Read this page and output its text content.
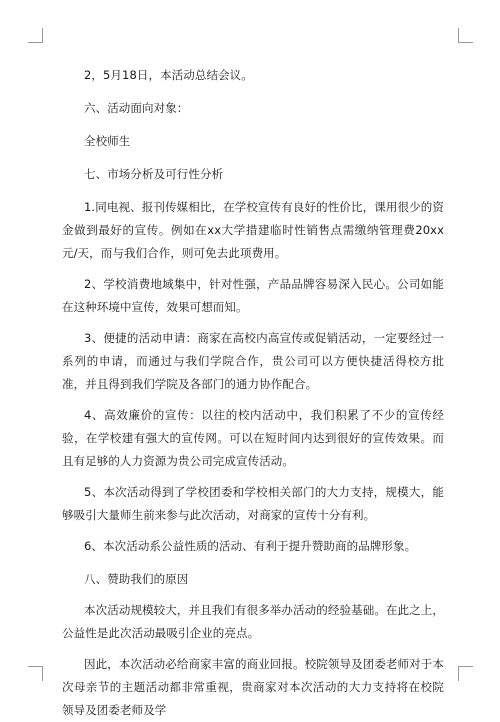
2，5月18日，本活动总结会议。

六、活动面向对象：

全校师生

七、市场分析及可行性分析

1.同电视、报刊传媒相比，在学校宣传有良好的性价比，课用很少的资金做到最好的宣传。例如在xx大学措建临时性销售点需缴纳管理费20xx元/天，而与我们合作，则可免去此项费用。

2、学校消费地域集中，针对性强，产品品牌容易深入民心。公司如能在这种环境中宣传，效果可想而知。

3、便捷的活动申请：商家在高校内高宣传或促销活动，一定要经过一系列的申请，而通过与我们学院合作，贵公司可以方便快捷活得校方批准，并且得到我们学院及各部门的通力协作配合。

4、高效廉价的宣传：以往的校内活动中，我们积累了不少的宣传经验，在学校建有强大的宣传网。可以在短时间内达到很好的宣传效果。而且有足够的人力资源为贵公司完成宣传活动。

5、本次活动得到了学校团委和学校相关部门的大力支持，规模大，能够吸引大量师生前来参与此次活动，对商家的宣传十分有利。

6、本次活动系公益性质的活动、有利于提升赞助商的品牌形象。

八、赞助我们的原因

本次活动规模较大，并且我们有很多举办活动的经验基础。在此之上，公益性是此次活动最吸引企业的亮点。

因此，本次活动必给商家丰富的商业回报。校院领导及团委老师对于本次母亲节的主题活动都非常重视，贵商家对本次活动的大力支持将在校院领导及团委老师及学
